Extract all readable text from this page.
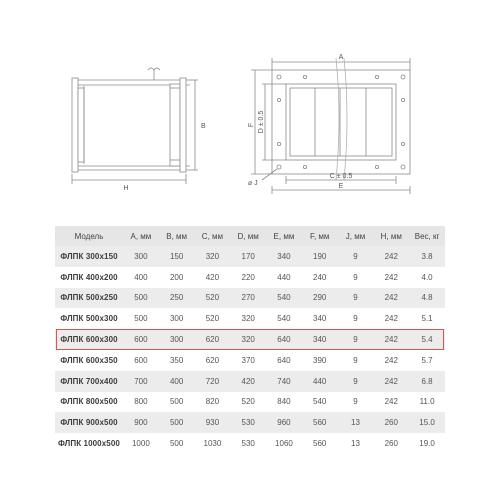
B
H
A
F D ± 0.5
C ± 0.5
E
⌀ J
Модель	A, мм	B, мм	C, мм	D, мм	E, мм	F, мм	J, мм	H, мм	Вес, кг
ФЛПК 300x150	300	150	320	170	340	190	9	242	3.8
ФЛПК 400x200	400	200	420	220	440	240	9	242	4.0
ФЛПК 500x250	500	250	520	270	540	290	9	242	4.8
ФЛПК 500x300	500	300	520	320	540	340	9	242	5.1
ФЛПК 600x300	600	300	620	320	640	340	9	242	5.4
ФЛПК 600x350	600	350	620	370	640	390	9	242	5.7
ФЛПК 700x400	700	400	720	420	740	440	9	242	6.8
ФЛПК 800x500	800	500	820	520	840	540	9	242	11.0
ФЛПК 900x500	900	500	930	530	960	560	13	260	15.0
ФЛПК 1000x500	1000	500	1030	530	1060	560	13	260	19.0
